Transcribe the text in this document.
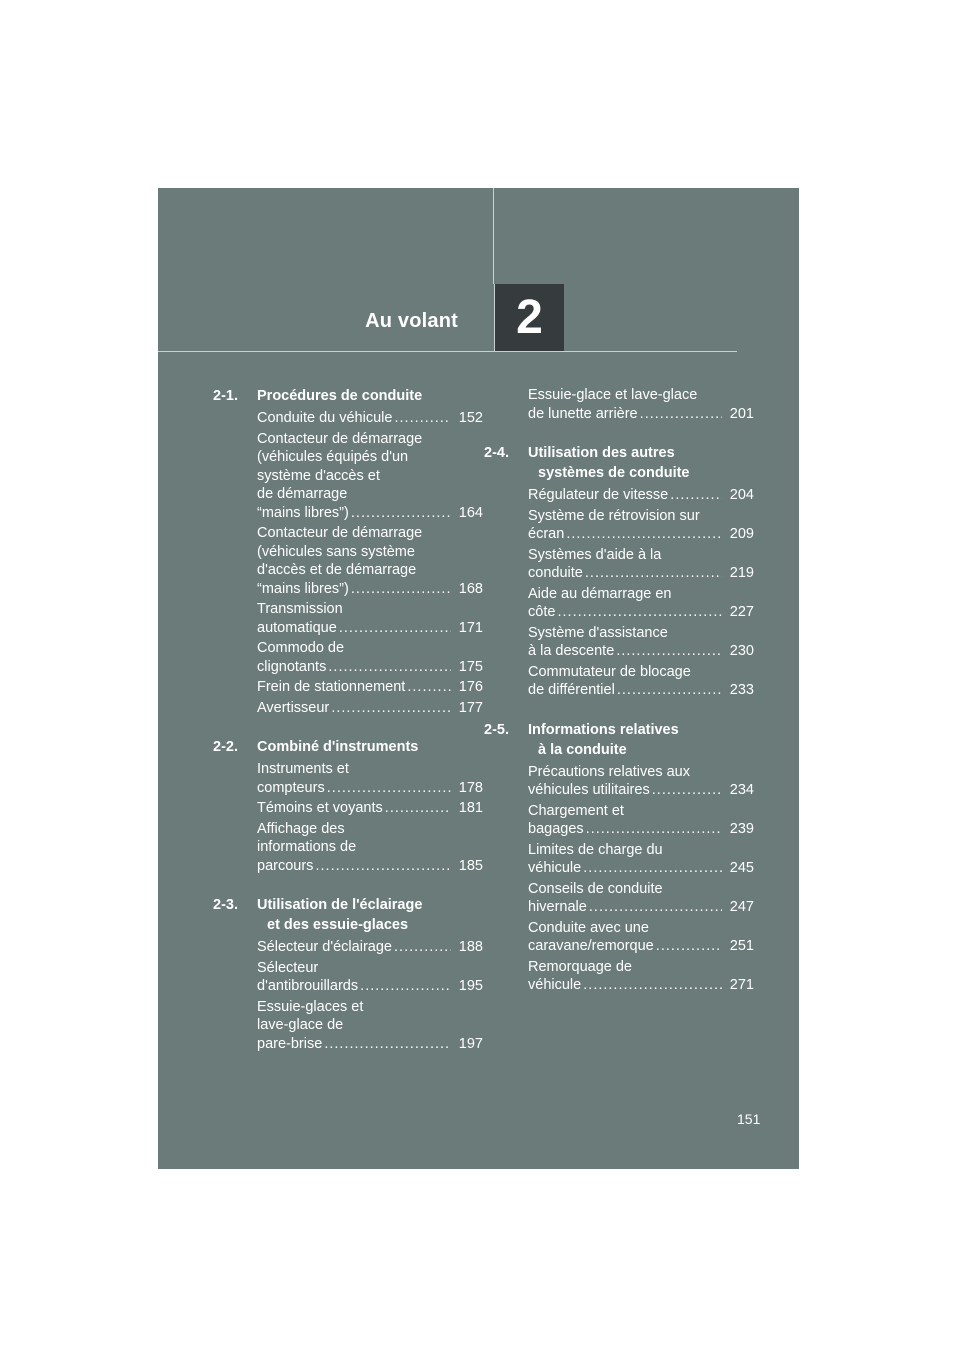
Au volant	2
2-1. Procédures de conduite
Conduite du véhicule .....	152
Contacteur de démarrage
(véhicules équipés d'un
système d'accès et
de démarrage
“mains libres”) .....	164
Contacteur de démarrage
(véhicules sans système
d'accès et de démarrage
“mains libres”) .....	168
Transmission
automatique .....	171
Commodo de
clignotants .....	175
Frein de stationnement .....	176
Avertisseur .....	177
2-2. Combiné d'instruments
Instruments et
compteurs .....	178
Témoins et voyants .....	181
Affichage des
informations de
parcours .....	185
2-3. Utilisation de l'éclairage
et des essuie-glaces
Sélecteur d'éclairage .....	188
Sélecteur
d'antibrouillards .....	195
Essuie-glaces et
lave-glace de
pare-brise .....	197
Essuie-glace et lave-glace
de lunette arrière .....	201
2-4. Utilisation des autres
systèmes de conduite
Régulateur de vitesse .....	204
Système de rétrovision sur
écran .....	209
Systèmes d'aide à la
conduite .....	219
Aide au démarrage en
côte .....	227
Système d'assistance
à la descente .....	230
Commutateur de blocage
de différentiel .....	233
2-5. Informations relatives
à la conduite
Précautions relatives aux
véhicules utilitaires .....	234
Chargement et
bagages .....	239
Limites de charge du
véhicule .....	245
Conseils de conduite
hivernale .....	247
Conduite avec une
caravane/remorque .....	251
Remorquage de
véhicule .....	271
151
